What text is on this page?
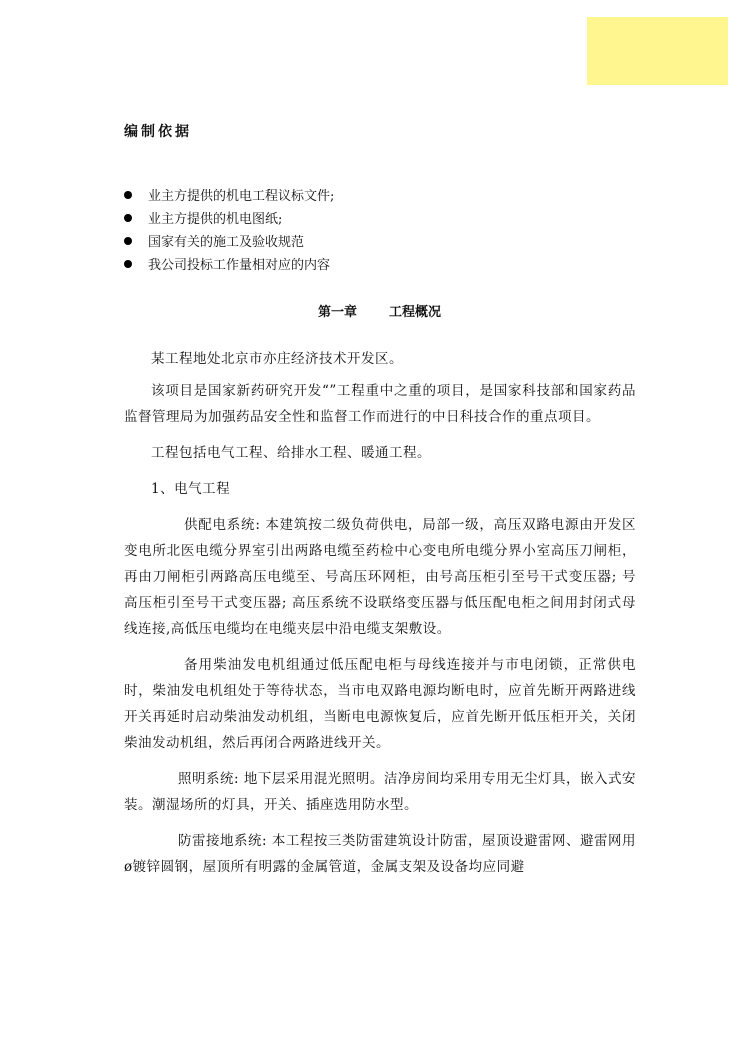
编制依据
业主方提供的机电工程议标文件;
业主方提供的机电图纸;
国家有关的施工及验收规范
我公司投标工作量相对应的内容
第一章 工程概况

某工程地处北京市亦庄经济技术开发区。

该项目是国家新药研究开发“”工程重中之重的项目，是国家科技部和国家药品监督管理局为加强药品安全性和监督工作而进行的中日科技合作的重点项目。

工程包括电气工程、给排水工程、暖通工程。

1、电气工程

供配电系统: 本建筑按二级负荷供电，局部一级，高压双路电源由开发区变电所北医电缆分界室引出两路电缆至药检中心变电所电缆分界小室高压刀闸柜，再由刀闸柜引两路高压电缆至、号高压环网柜，由号高压柜引至号干式变压器; 号高压柜引至号干式变压器; 高压系统不设联络变压器与低压配电柜之间用封闭式母线连接,高低压电缆均在电缆夹层中沿电缆支架敷设。

备用柴油发电机组通过低压配电柜与母线连接并与市电闭锁，正常供电时，柴油发电机组处于等待状态，当市电双路电源均断电时，应首先断开两路进线开关再延时启动柴油发动机组，当断电电源恢复后，应首先断开低压柜开关，关闭柴油发动机组，然后再闭合两路进线开关。

照明系统: 地下层采用混光照明。洁净房间均采用专用无尘灯具，嵌入式安装。潮湿场所的灯具，开关、插座选用防水型。

防雷接地系统: 本工程按三类防雷建筑设计防雷，屋顶设避雷网、避雷网用ø镀锌圆钢，屋顶所有明露的金属管道，金属支架及设备均应同避
